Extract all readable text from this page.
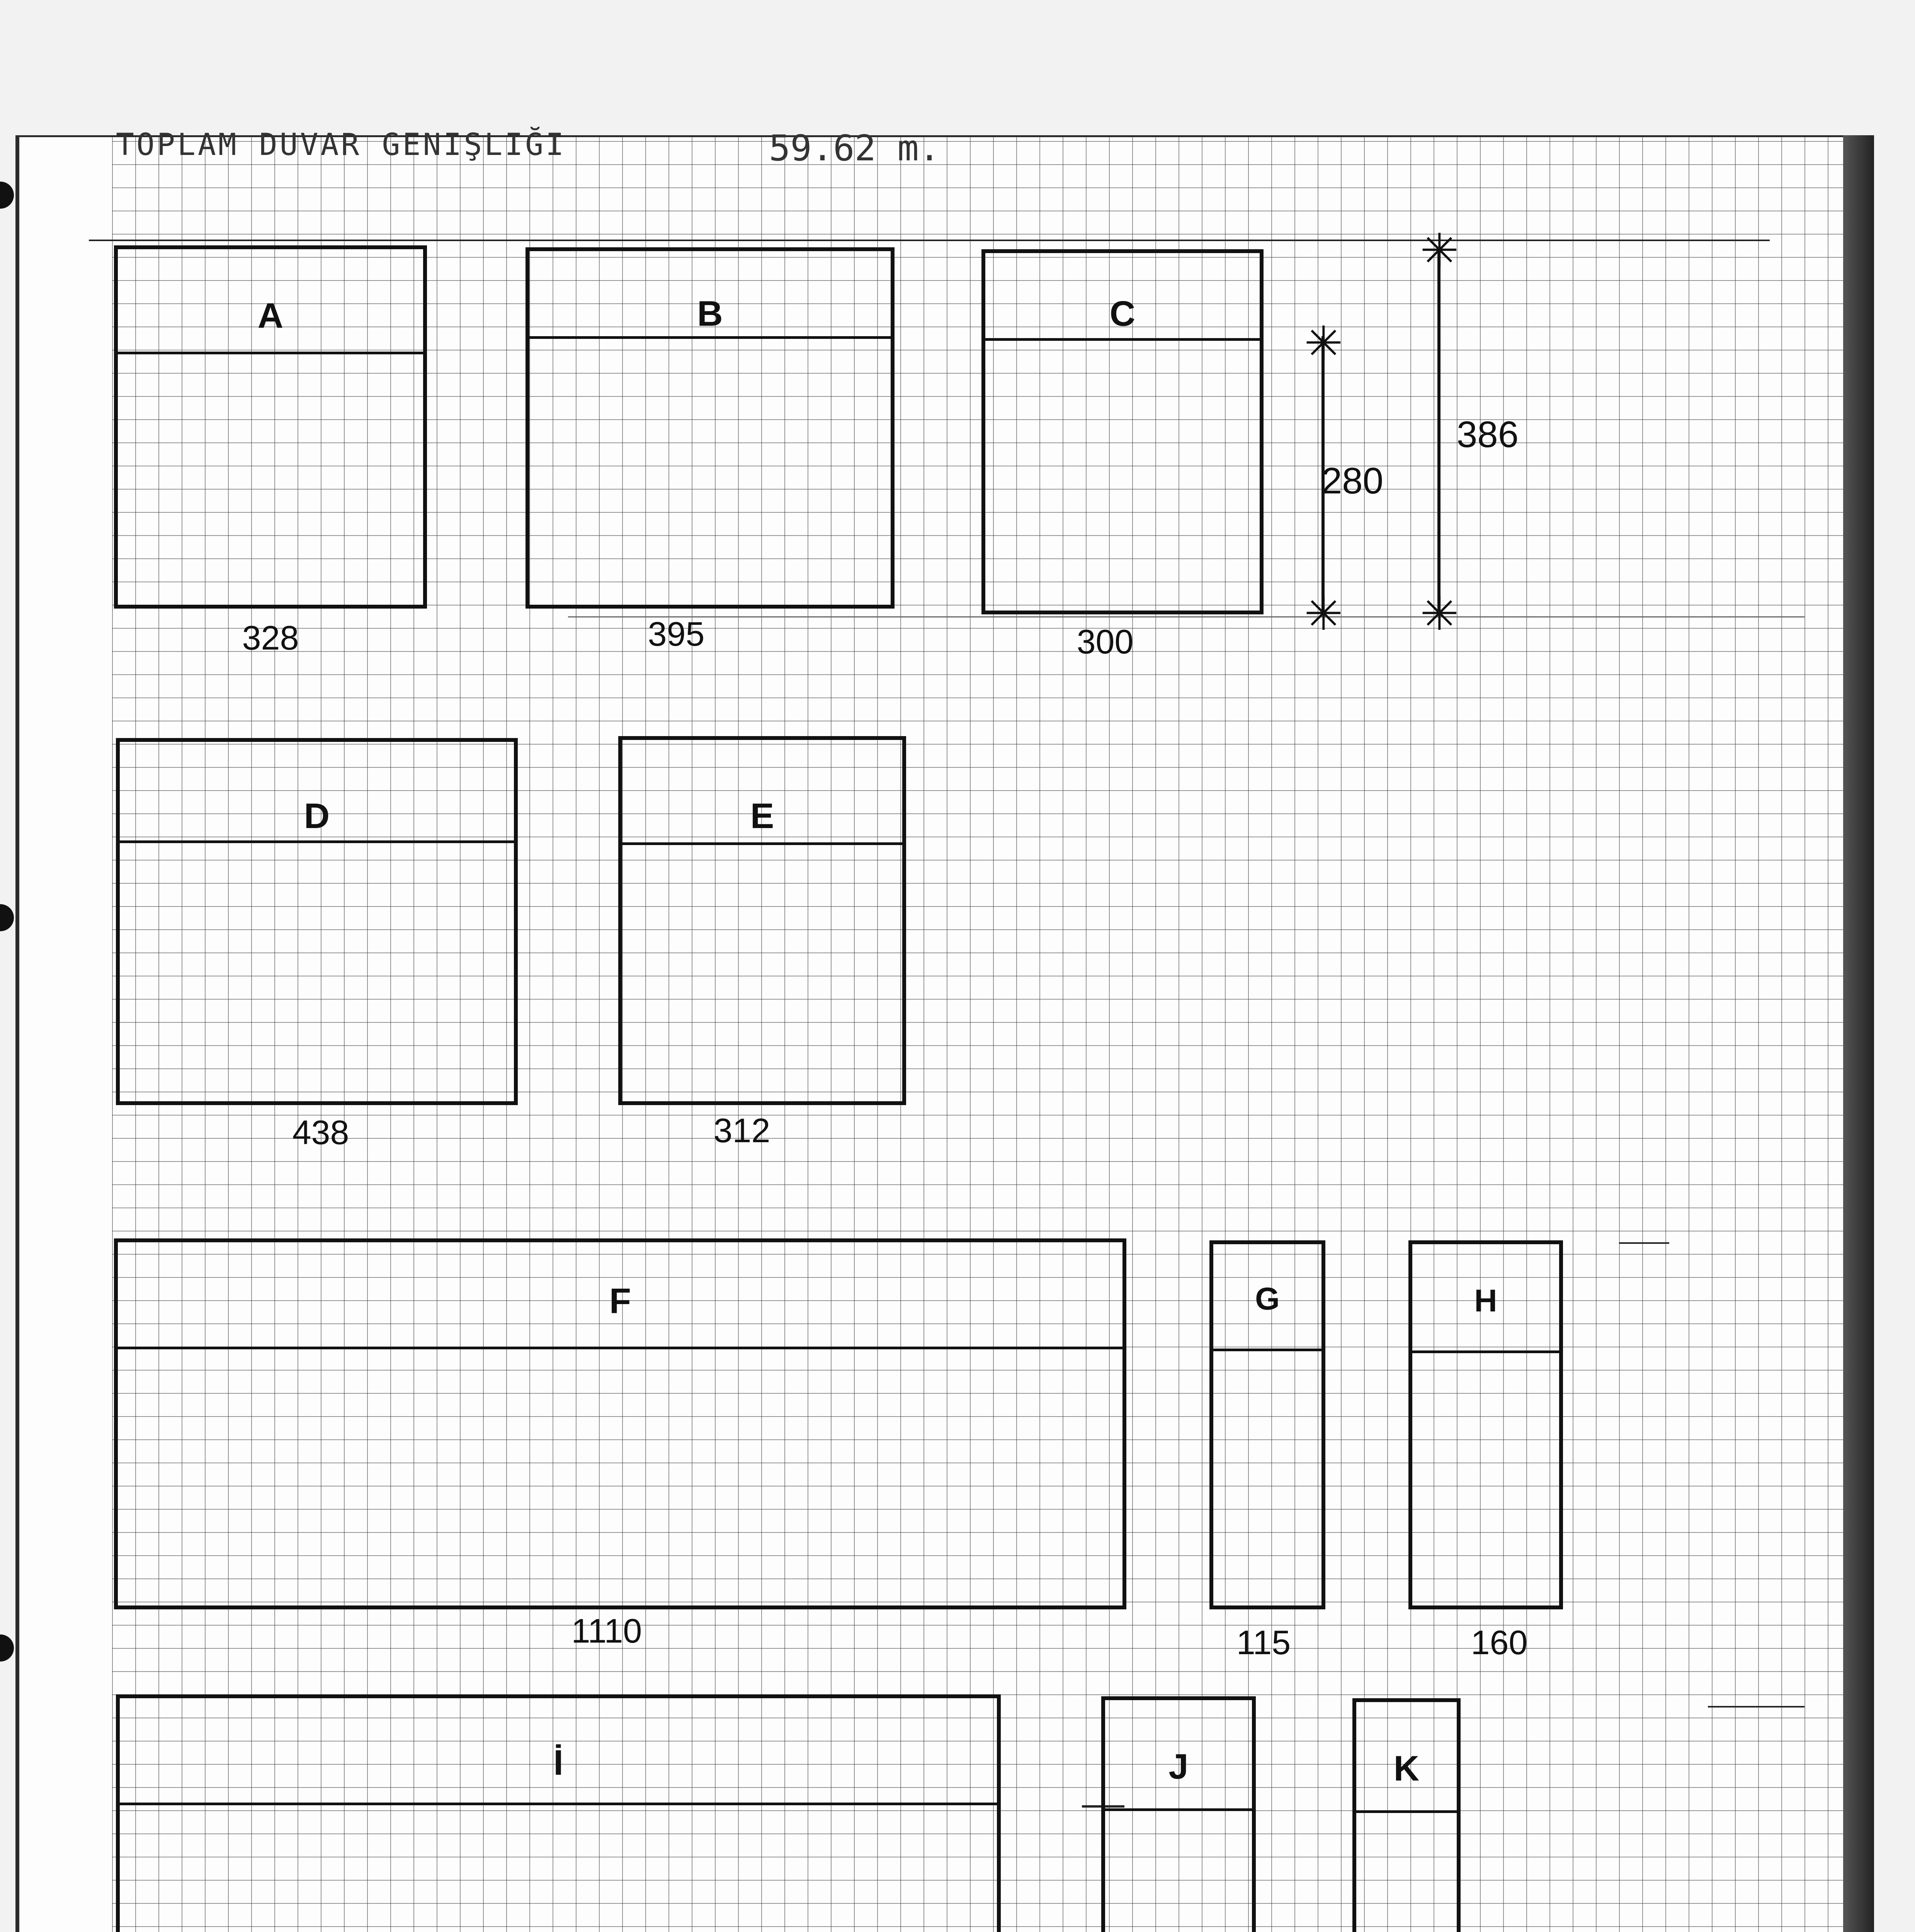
TOPLAM DUVAR GENIŞLIĞI	59.62 m.
A
328
B
395
C
300
✳
✳
280
✳
✳
386
D
438
E
312
F
1110
G
115
H
160
İ	J	K
